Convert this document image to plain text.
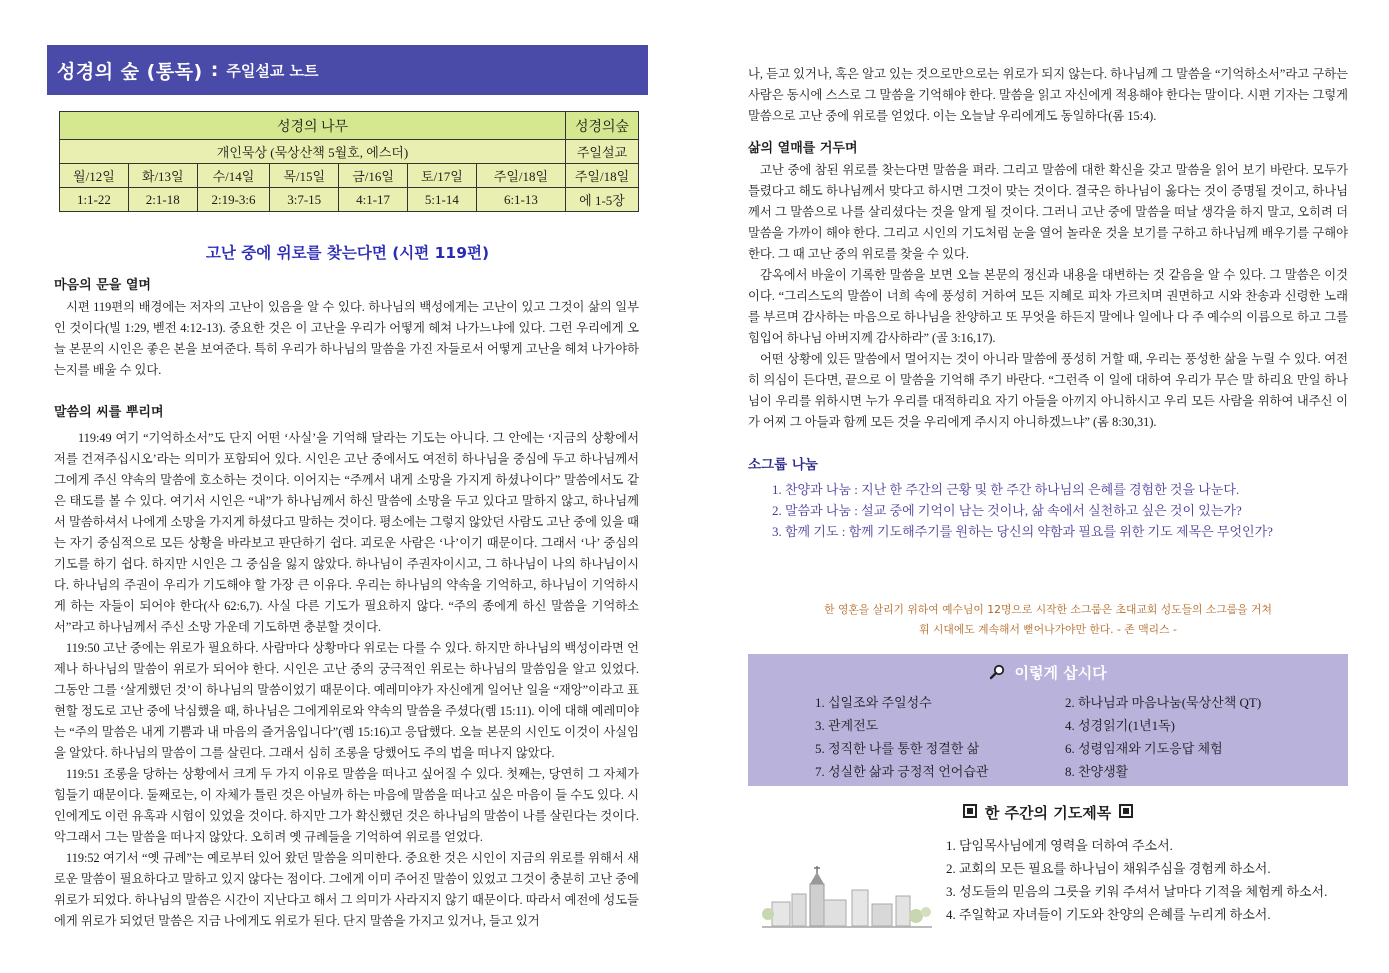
성경의 숲 (통독) : 주일설교 노트
성경의 나무							성경의숲
개인묵상 (묵상산책 5월호, 에스더)							주일설교
월/12일	화/13일	수/14일	목/15일	금/16일	토/17일	주일/18일	주일/18일
1:1-22	2:1-18	2:19-3:6	3:7-15	4:1-17	5:1-14	6:1-13	에 1-5장
고난 중에 위로를 찾는다면 (시편 119편)
마음의 문을 열며

시편 119편의 배경에는 저자의 고난이 있음을 알 수 있다. 하나님의 백성에게는 고난이 있고 그것이 삶의 일부인 것이다(빌 1:29, 벧전 4:12-13). 중요한 것은 이 고난을 우리가 어떻게 헤쳐 나가느냐에 있다. 그런 우리에게 오늘 본문의 시인은 좋은 본을 보여준다. 특히 우리가 하나님의 말씀을 가진 자들로서 어떻게 고난을 헤쳐 나가야하는지를 배울 수 있다.

말씀의 씨를 뿌리며

119:49 여기 “기억하소서”도 단지 어떤 ‘사실’을 기억해 달라는 기도는 아니다. 그 안에는 ‘지금의 상황에서 저를 건져주십시오’라는 의미가 포함되어 있다. 시인은 고난 중에서도 여전히 하나님을 중심에 두고 하나님께서 그에게 주신 약속의 말씀에 호소하는 것이다. 이어지는 “주께서 내게 소망을 가지게 하셨나이다” 말씀에서도 같은 태도를 볼 수 있다. 여기서 시인은 “내”가 하나님께서 하신 말씀에 소망을 두고 있다고 말하지 않고, 하나님께서 말씀하셔서 나에게 소망을 가지게 하셨다고 말하는 것이다. 평소에는 그렇지 않았던 사람도 고난 중에 있을 때는 자기 중심적으로 모든 상황을 바라보고 판단하기 쉽다. 괴로운 사람은 ‘나’이기 때문이다. 그래서 ‘나’ 중심의 기도를 하기 쉽다. 하지만 시인은 그 중심을 잃지 않았다. 하나님이 주권자이시고, 그 하나님이 나의 하나님이시다. 하나님의 주권이 우리가 기도해야 할 가장 큰 이유다. 우리는 하나님의 약속을 기억하고, 하나님이 기억하시게 하는 자들이 되어야 한다(사 62:6,7). 사실 다른 기도가 필요하지 않다. “주의 종에게 하신 말씀을 기억하소서”라고 하나님께서 주신 소망 가운데 기도하면 충분할 것이다.

119:50 고난 중에는 위로가 필요하다. 사람마다 상황마다 위로는 다를 수 있다. 하지만 하나님의 백성이라면 언제나 하나님의 말씀이 위로가 되어야 한다. 시인은 고난 중의 궁극적인 위로는 하나님의 말씀임을 알고 있었다. 그동안 그를 ‘살게했던 것’이 하나님의 말씀이었기 때문이다. 예레미야가 자신에게 일어난 일을 “재앙”이라고 표현할 정도로 고난 중에 낙심했을 때, 하나님은 그에게위로와 약속의 말씀을 주셨다(렘 15:11). 이에 대해 예레미야는 “주의 말씀은 내게 기쁨과 내 마음의 즐거움입니다”(렘 15:16)고 응답했다. 오늘 본문의 시인도 이것이 사실임을 알았다. 하나님의 말씀이 그를 살린다. 그래서 심히 조롱을 당했어도 주의 법을 떠나지 않았다.

119:51 조롱을 당하는 상황에서 크게 두 가지 이유로 말씀을 떠나고 싶어질 수 있다. 첫째는, 당연히 그 자체가 힘들기 때문이다. 둘째로는, 이 자체가 틀린 것은 아닐까 하는 마음에 말씀을 떠나고 싶은 마음이 들 수도 있다. 시인에게도 이런 유혹과 시험이 있었을 것이다. 하지만 그가 확신했던 것은 하나님의 말씀이 나를 살린다는 것이다. 악그래서 그는 말씀을 떠나지 않았다. 오히려 옛 규례들을 기억하여 위로를 얻었다.

119:52 여기서 “옛 규례”는 예로부터 있어 왔던 말씀을 의미한다. 중요한 것은 시인이 지금의 위로를 위해서 새로운 말씀이 필요하다고 말하고 있지 않다는 점이다. 그에게 이미 주어진 말씀이 있었고 그것이 충분히 고난 중에 위로가 되었다. 하나님의 말씀은 시간이 지난다고 해서 그 의미가 사라지지 않기 때문이다. 따라서 예전에 성도들에게 위로가 되었던 말씀은 지금 나에게도 위로가 된다. 단지 말씀을 가지고 있거나, 들고 있거

나, 듣고 있거나, 혹은 알고 있는 것으로만으로는 위로가 되지 않는다. 하나님께 그 말씀을 “기억하소서”라고 구하는 사람은 동시에 스스로 그 말씀을 기억해야 한다. 말씀을 읽고 자신에게 적용해야 한다는 말이다. 시편 기자는 그렇게 말씀으로 고난 중에 위로를 얻었다. 이는 오늘날 우리에게도 동일하다(롬 15:4).

삶의 열매를 거두며

고난 중에 참된 위로를 찾는다면 말씀을 펴라. 그리고 말씀에 대한 확신을 갖고 말씀을 읽어 보기 바란다. 모두가 틀렸다고 해도 하나님께서 맞다고 하시면 그것이 맞는 것이다. 결국은 하나님이 옳다는 것이 증명될 것이고, 하나님께서 그 말씀으로 나를 살리셨다는 것을 알게 될 것이다. 그러니 고난 중에 말씀을 떠날 생각을 하지 말고, 오히려 더 말씀을 가까이 해야 한다. 그리고 시인의 기도처럼 눈을 열어 놀라운 것을 보기를 구하고 하나님께 배우기를 구해야 한다. 그 때 고난 중의 위로를 찾을 수 있다.

감옥에서 바울이 기록한 말씀을 보면 오늘 본문의 정신과 내용을 대변하는 것 같음을 알 수 있다. 그 말씀은 이것이다. “그리스도의 말씀이 너희 속에 풍성히 거하여 모든 지혜로 피차 가르치며 권면하고 시와 찬송과 신령한 노래를 부르며 감사하는 마음으로 하나님을 찬양하고 또 무엇을 하든지 말에나 일에나 다 주 예수의 이름으로 하고 그를 힘입어 하나님 아버지께 감사하라” (골 3:16,17).

어떤 상황에 있든 말씀에서 멀어지는 것이 아니라 말씀에 풍성히 거할 때, 우리는 풍성한 삶을 누릴 수 있다. 여전히 의심이 든다면, 끝으로 이 말씀을 기억해 주기 바란다. “그런즉 이 일에 대하여 우리가 무슨 말 하리요 만일 하나님이 우리를 위하시면 누가 우리를 대적하리요 자기 아들을 아끼지 아니하시고 우리 모든 사람을 위하여 내주신 이가 어찌 그 아들과 함께 모든 것을 우리에게 주시지 아니하겠느냐” (롬 8:30,31).

소그룹 나눔
1. 찬양과 나눔 : 지난 한 주간의 근황 및 한 주간 하나님의 은혜를 경험한 것을 나눈다.
2. 말씀과 나눔 : 설교 중에 기억이 남는 것이나, 삶 속에서 실천하고 싶은 것이 있는가?
3. 함께 기도 : 함께 기도해주기를 원하는 당신의 약함과 필요를 위한 기도 제목은 무엇인가?
한 영혼을 살리기 위하여 예수님이 12명으로 시작한 소그룹은 초대교회 성도들의 소그룹을 거쳐
휘 시대에도 계속해서 뻗어나가야만 한다. - 존 맥리스 -
이렇게 삽시다
1. 십일조와 주일성수	2. 하나님과 마음나눔(묵상산책 QT)
3. 관계전도	4. 성경읽기(1년1독)
5. 정직한 나를 통한 정결한 삶	6. 성령임재와 기도응답 체험
7. 성실한 삶과 긍정적 언어습관	8. 찬양생활
한 주간의 기도제목
1. 담임목사님에게 영력을 더하여 주소서.
2. 교회의 모든 필요를 하나님이 채워주심을 경험케 하소서.
3. 성도들의 믿음의 그릇을 키워 주셔서 날마다 기적을 체험케 하소서.
4. 주일학교 자녀들이 기도와 찬양의 은혜를 누리게 하소서.
